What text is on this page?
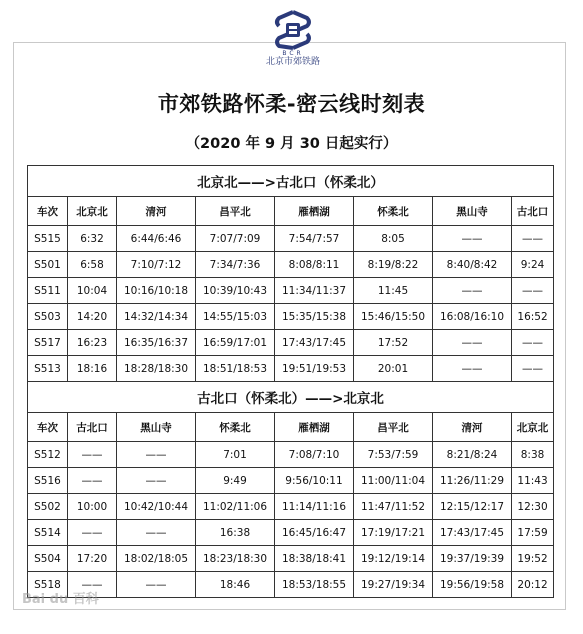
BCR
北京市郊铁路
市郊铁路怀柔-密云线时刻表
（2020 年 9 月 30 日起实行）
北京北——>古北口（怀柔北）							
车次	北京北	清河	昌平北	雁栖湖	怀柔北	黑山寺	古北口
S515	6:32	6:44/6:46	7:07/7:09	7:54/7:57	8:05	——	——
S501	6:58	7:10/7:12	7:34/7:36	8:08/8:11	8:19/8:22	8:40/8:42	9:24
S511	10:04	10:16/10:18	10:39/10:43	11:34/11:37	11:45	——	——
S503	14:20	14:32/14:34	14:55/15:03	15:35/15:38	15:46/15:50	16:08/16:10	16:52
S517	16:23	16:35/16:37	16:59/17:01	17:43/17:45	17:52	——	——
S513	18:16	18:28/18:30	18:51/18:53	19:51/19:53	20:01	——	——
古北口（怀柔北）——>北京北							
车次	古北口	黑山寺	怀柔北	雁栖湖	昌平北	清河	北京北
S512	——	——	7:01	7:08/7:10	7:53/7:59	8:21/8:24	8:38
S516	——	——	9:49	9:56/10:11	11:00/11:04	11:26/11:29	11:43
S502	10:00	10:42/10:44	11:02/11:06	11:14/11:16	11:47/11:52	12:15/12:17	12:30
S514	——	——	16:38	16:45/16:47	17:19/17:21	17:43/17:45	17:59
S504	17:20	18:02/18:05	18:23/18:30	18:38/18:41	19:12/19:14	19:37/19:39	19:52
S518	——	——	18:46	18:53/18:55	19:27/19:34	19:56/19:58	20:12
Bai du 百科
